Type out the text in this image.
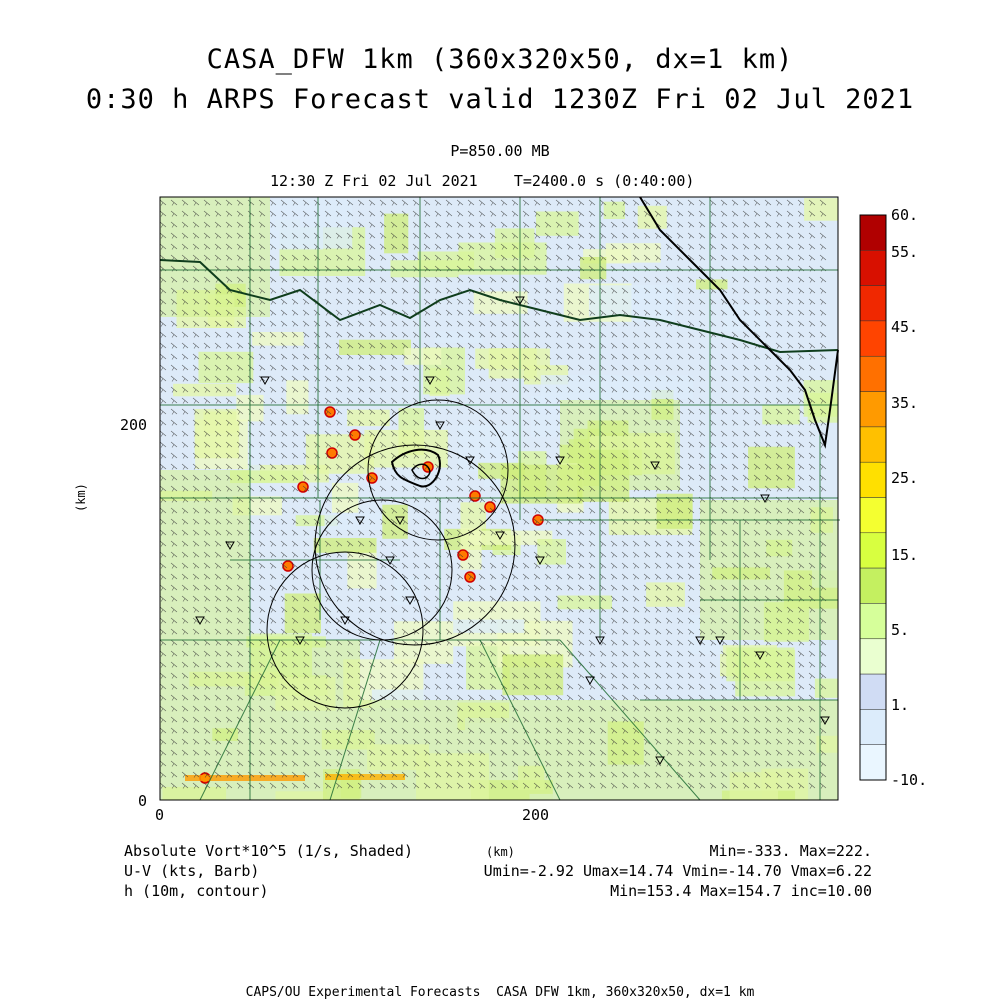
CASA_DFW 1km (360x320x50, dx=1 km)
0:30 h ARPS Forecast valid 1230Z Fri 02 Jul 2021
P=850.00 MB
12:30 Z Fri 02 Jul 2021    T=2400.0 s (0:40:00)
60.
55.
45.
35.
25.
15.
5.
1.
-10.
(km)
0
200
0	200
(km)
Absolute Vort*10^5 (1/s, Shaded)	Min=-333. Max=222.
U-V (kts, Barb)	Umin=-2.92 Umax=14.74 Vmin=-14.70 Vmax=6.22
h (10m, contour)	Min=153.4 Max=154.7 inc=10.00
CAPS/OU Experimental Forecasts  CASA DFW 1km, 360x320x50, dx=1 km
